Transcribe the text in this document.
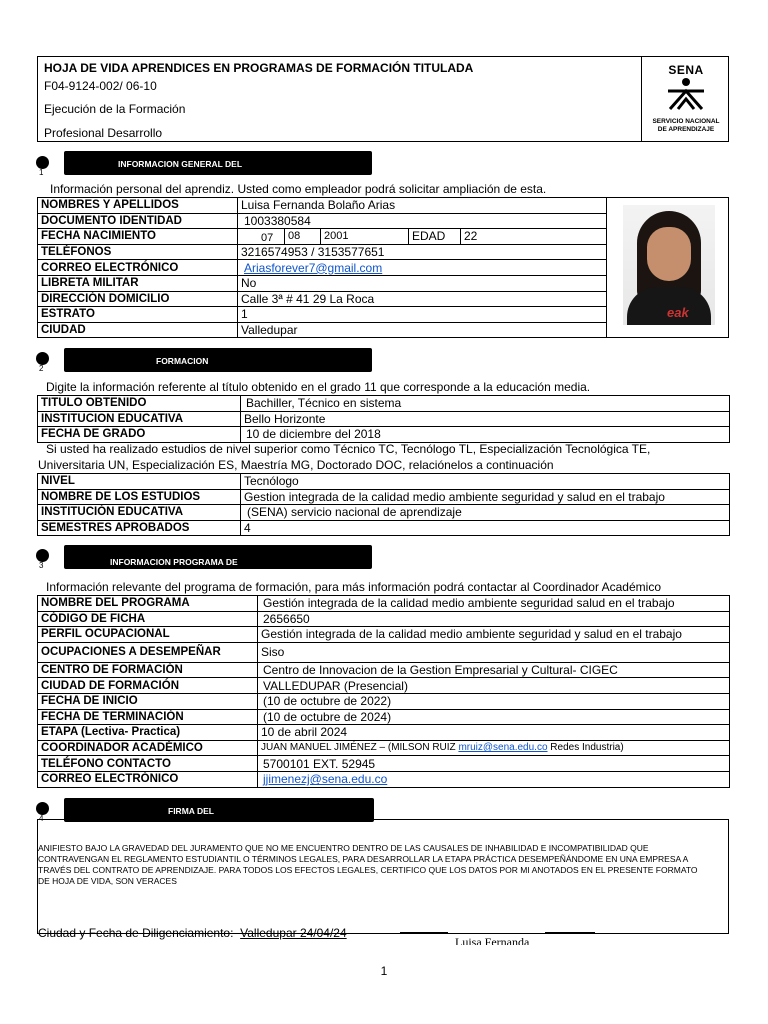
HOJA DE VIDA APRENDICES EN PROGRAMAS DE FORMACIÓN TITULADA
F04-9124-002/ 06-10
Ejecución de la Formación
Profesional Desarrollo
SENA
SERVICIO NACIONAL
DE APRENDIZAJE
1
INFORMACION GENERAL DEL
Información personal del aprendiz. Usted como empleador podrá solicitar ampliación de esta.
NOMBRES Y APELLIDOS	Luisa Fernanda Bolaño Arias
DOCUMENTO IDENTIDAD	1003380584
FECHA NACIMIENTO	07 08 2001 EDAD 22

TELÉFONOS	3216574953 / 3153577651
CORREO ELECTRÓNICO	Ariasforever7@gmail.com
LIBRETA MILITAR	No
DIRECCIÓN DOMICILIO	Calle 3ª # 41 29 La Roca
ESTRATO	1
CIUDAD	Valledupar
eak
2
FORMACION
Digite la información referente al título obtenido en el grado 11 que corresponde a la educación media.
TITULO OBTENIDO	Bachiller, Técnico en sistema
INSTITUCION EDUCATIVA	Bello Horizonte
FECHA DE GRADO	10 de diciembre del 2018
Si usted ha realizado estudios de nivel superior como Técnico TC, Tecnólogo TL, Especialización Tecnológica TE,
Universitaria UN, Especialización ES, Maestría MG, Doctorado DOC, relaciónelos a continuación
NIVEL	Tecnólogo
NOMBRE DE LOS ESTUDIOS	Gestion integrada de la calidad medio ambiente seguridad y salud en el trabajo
INSTITUCIÓN EDUCATIVA	(SENA) servicio nacional de aprendizaje
SEMESTRES APROBADOS	4
3	INFORMACION PROGRAMA DE
Información relevante del programa de formación, para más información podrá contactar al Coordinador Académico
NOMBRE DEL PROGRAMA	Gestión integrada de la calidad medio ambiente seguridad salud en el trabajo
CÓDIGO DE FICHA	2656650
PERFIL OCUPACIONAL	Gestión integrada de la calidad medio ambiente seguridad y salud en el trabajo
OCUPACIONES A DESEMPEÑAR	Siso
CENTRO DE FORMACIÓN	Centro de Innovacion de la Gestion Empresarial y Cultural- CIGEC
CIUDAD DE FORMACIÓN	VALLEDUPAR (Presencial)
FECHA DE INICIO	(10 de octubre de 2022)
FECHA DE TERMINACIÓN	(10 de octubre de 2024)
ETAPA (Lectiva- Practica)	10 de abril 2024
COORDINADOR ACADÉMICO	JUAN MANUEL JIMÉNEZ – (MILSON RUIZ mruiz@sena.edu.co Redes Industria)
TELÉFONO CONTACTO	5700101 EXT. 52945
CORREO ELECTRÓNICO	jjimenezj@sena.edu.co
4
FIRMA DEL
ANIFIESTO BAJO LA GRAVEDAD DEL JURAMENTO QUE NO ME ENCUENTRO DENTRO DE LAS CAUSALES DE INHABILIDAD E INCOMPATIBILIDAD QUE CONTRAVENGAN EL REGLAMENTO ESTUDIANTIL O TÉRMINOS LEGALES, PARA DESARROLLAR LA ETAPA PRÁCTICA DESEMPEÑÁNDOME EN UNA EMPRESA A TRAVÉS DEL CONTRATO DE APRENDIZAJE. PARA TODOS LOS EFECTOS LEGALES, CERTIFICO QUE LOS DATOS POR MI ANOTADOS EN EL PRESENTE FORMATO DE HOJA DE VIDA, SON VERACES
Ciudad y Fecha de Diligenciamiento: Valledupar 24/04/24
Luisa Fernanda
1
